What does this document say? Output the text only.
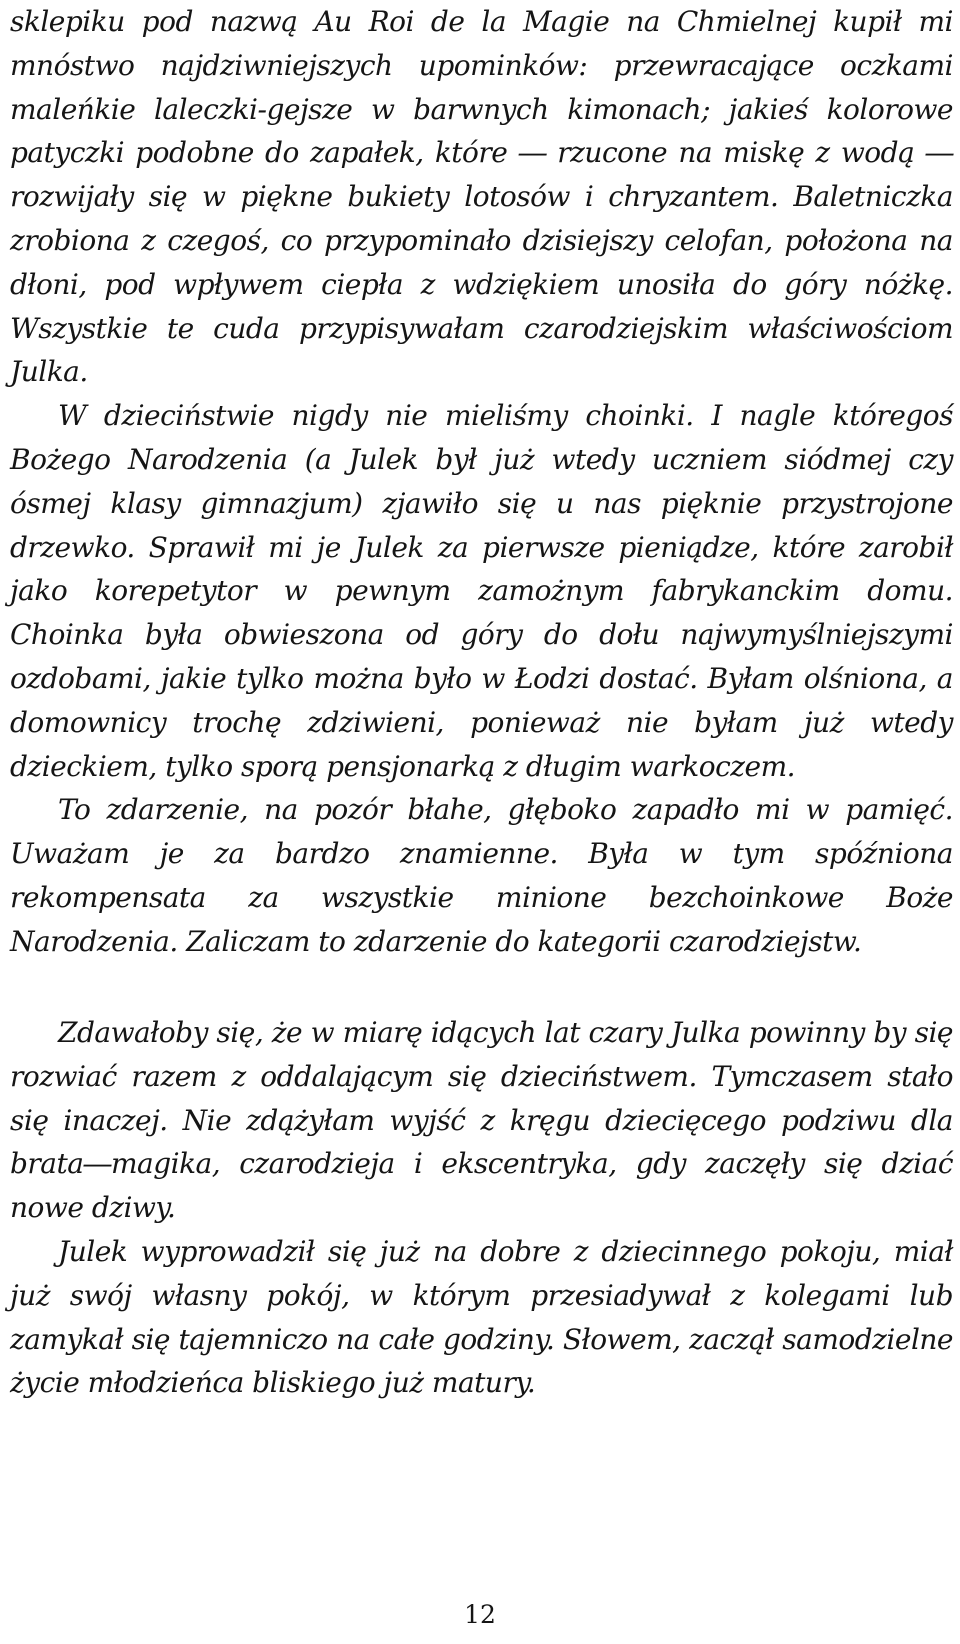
sklepiku pod nazwą Au Roi de la Magie na Chmielnej kupił mi mnóstwo najdziwniejszych upominków: przewracające oczkami maleńkie laleczki-gejsze w barwnych kimonach; jakieś kolorowe patyczki podobne do zapałek, które ― rzucone na miskę z wodą ― rozwijały się w piękne bukiety lotosów i chryzantem. Baletniczka zrobiona z czegoś, co przypominało dzisiejszy celofan, położona na dłoni, pod wpływem ciepła z wdziękiem unosiła do góry nóżkę. Wszystkie te cuda przypisywałam czarodziejskim właściwościom Julka.

W dzieciństwie nigdy nie mieliśmy choinki. I nagle któregoś Bożego Narodzenia (a Julek był już wtedy uczniem siódmej czy ósmej klasy gimnazjum) zjawiło się u nas pięknie przystrojone drzewko. Sprawił mi je Julek za pierwsze pieniądze, które zarobił jako korepetytor w pewnym zamożnym fabrykanckim domu. Choinka była obwieszona od góry do dołu najwymyślniejszymi ozdobami, jakie tylko można było w Łodzi dostać. Byłam olśniona, a domownicy trochę zdziwieni, ponieważ nie byłam już wtedy dzieckiem, tylko sporą pensjonarką z długim warkoczem.

To zdarzenie, na pozór błahe, głęboko zapadło mi w pamięć. Uważam je za bardzo znamienne. Była w tym spóźniona rekompensata za wszystkie minione bezchoinkowe Boże Narodzenia. Zaliczam to zdarzenie do kategorii czarodziejstw.

Zdawałoby się, że w miarę idących lat czary Julka powinny by się rozwiać razem z oddalającym się dzieciństwem. Tymczasem stało się inaczej. Nie zdążyłam wyjść z kręgu dziecięcego podziwu dla brata―magika, czarodzieja i ekscentryka, gdy zaczęły się dziać nowe dziwy.

Julek wyprowadził się już na dobre z dziecinnego pokoju, miał już swój własny pokój, w którym przesiadywał z kolegami lub zamykał się tajemniczo na całe godziny. Słowem, zaczął samodzielne życie młodzieńca bliskiego już matury.

12
